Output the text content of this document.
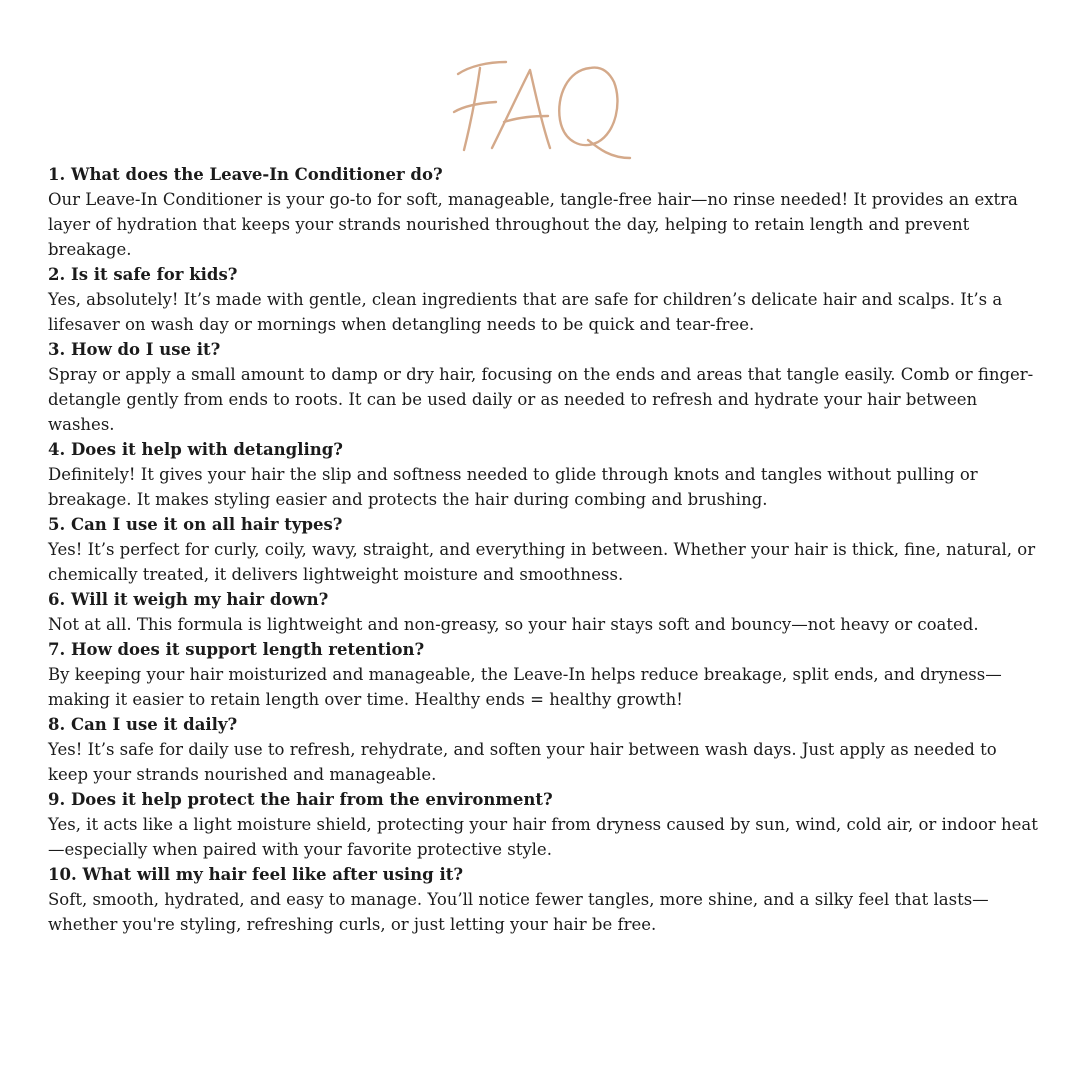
1. What does the Leave-In Conditioner do?

Our Leave-In Conditioner is your go-to for soft, manageable, tangle-free hair—no rinse needed! It provides an extra layer of hydration that keeps your strands nourished throughout the day, helping to retain length and prevent breakage.

2. Is it safe for kids?

Yes, absolutely! It’s made with gentle, clean ingredients that are safe for children’s delicate hair and scalps. It’s a lifesaver on wash day or mornings when detangling needs to be quick and tear-free.

3. How do I use it?

Spray or apply a small amount to damp or dry hair, focusing on the ends and areas that tangle easily. Comb or finger-detangle gently from ends to roots. It can be used daily or as needed to refresh and hydrate your hair between washes.

4. Does it help with detangling?

Definitely! It gives your hair the slip and softness needed to glide through knots and tangles without pulling or breakage. It makes styling easier and protects the hair during combing and brushing.

5. Can I use it on all hair types?

Yes! It’s perfect for curly, coily, wavy, straight, and everything in between. Whether your hair is thick, fine, natural, or chemically treated, it delivers lightweight moisture and smoothness.

6. Will it weigh my hair down?

Not at all. This formula is lightweight and non-greasy, so your hair stays soft and bouncy—not heavy or coated.

7. How does it support length retention?

By keeping your hair moisturized and manageable, the Leave-In helps reduce breakage, split ends, and dryness—making it easier to retain length over time. Healthy ends = healthy growth!

8. Can I use it daily?

Yes! It’s safe for daily use to refresh, rehydrate, and soften your hair between wash days. Just apply as needed to keep your strands nourished and manageable.

9. Does it help protect the hair from the environment?

Yes, it acts like a light moisture shield, protecting your hair from dryness caused by sun, wind, cold air, or indoor heat—especially when paired with your favorite protective style.

10. What will my hair feel like after using it?

Soft, smooth, hydrated, and easy to manage. You’ll notice fewer tangles, more shine, and a silky feel that lasts—whether you're styling, refreshing curls, or just letting your hair be free.
